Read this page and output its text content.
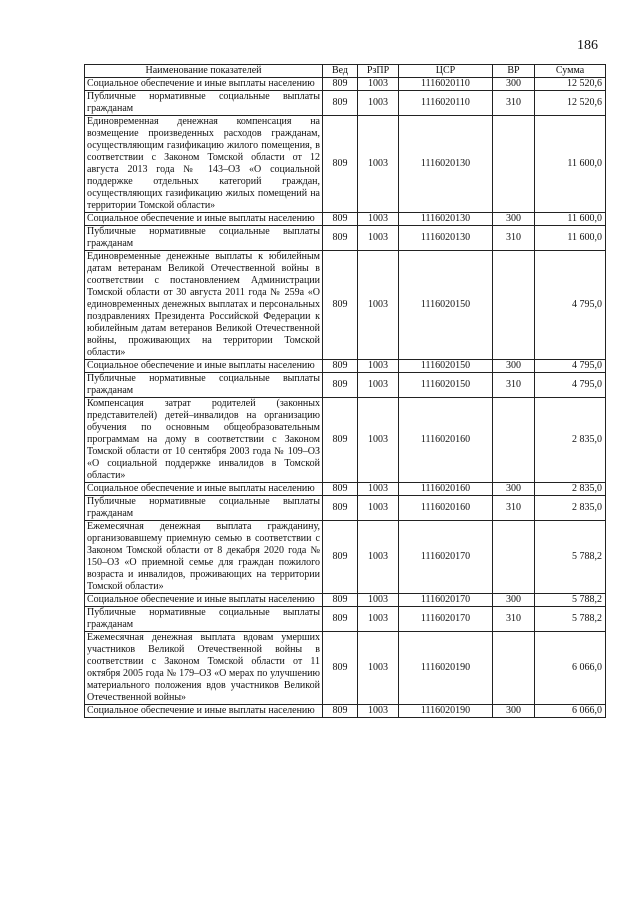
186
Наименование показателей	Вед	РзПР	ЦСР	ВР	Сумма
Социальное обеспечение и иные выплаты населению	809	1003	1116020110	300	12 520,6
Публичные нормативные социальные выплаты гражданам	809	1003	1116020110	310	12 520,6
Единовременная денежная компенсация на возмещение произведенных расходов гражданам, осуществляющим газификацию жилого помещения, в соответствии с Законом Томской области от 12 августа 2013 года № 143–ОЗ «О социальной поддержке отдельных категорий граждан, осуществляющих газификацию жилых помещений на территории Томской области»	809	1003	1116020130		11 600,0
Социальное обеспечение и иные выплаты населению	809	1003	1116020130	300	11 600,0
Публичные нормативные социальные выплаты гражданам	809	1003	1116020130	310	11 600,0
Единовременные денежные выплаты к юбилейным датам ветеранам Великой Отечественной войны в соответствии с постановлением Администрации Томской области от 30 августа 2011 года № 259а «О единовременных денежных выплатах и персональных поздравлениях Президента Российской Федерации к юбилейным датам ветеранов Великой Отечественной войны, проживающих на территории Томской области»	809	1003	1116020150		4 795,0
Социальное обеспечение и иные выплаты населению	809	1003	1116020150	300	4 795,0
Публичные нормативные социальные выплаты гражданам	809	1003	1116020150	310	4 795,0
Компенсация затрат родителей (законных представителей) детей–инвалидов на организацию обучения по основным общеобразовательным программам на дому в соответствии с Законом Томской области от 10 сентября 2003 года № 109–ОЗ «О социальной поддержке инвалидов в Томской области»	809	1003	1116020160		2 835,0
Социальное обеспечение и иные выплаты населению	809	1003	1116020160	300	2 835,0
Публичные нормативные социальные выплаты гражданам	809	1003	1116020160	310	2 835,0
Ежемесячная денежная выплата гражданину, организовавшему приемную семью в соответствии с Законом Томской области от 8 декабря 2020 года № 150–ОЗ «О приемной семье для граждан пожилого возраста и инвалидов, проживающих на территории Томской области»	809	1003	1116020170		5 788,2
Социальное обеспечение и иные выплаты населению	809	1003	1116020170	300	5 788,2
Публичные нормативные социальные выплаты гражданам	809	1003	1116020170	310	5 788,2
Ежемесячная денежная выплата вдовам умерших участников Великой Отечественной войны в соответствии с Законом Томской области от 11 октября 2005 года № 179–ОЗ «О мерах по улучшению материального положения вдов участников Великой Отечественной войны»	809	1003	1116020190		6 066,0
Социальное обеспечение и иные выплаты населению	809	1003	1116020190	300	6 066,0
